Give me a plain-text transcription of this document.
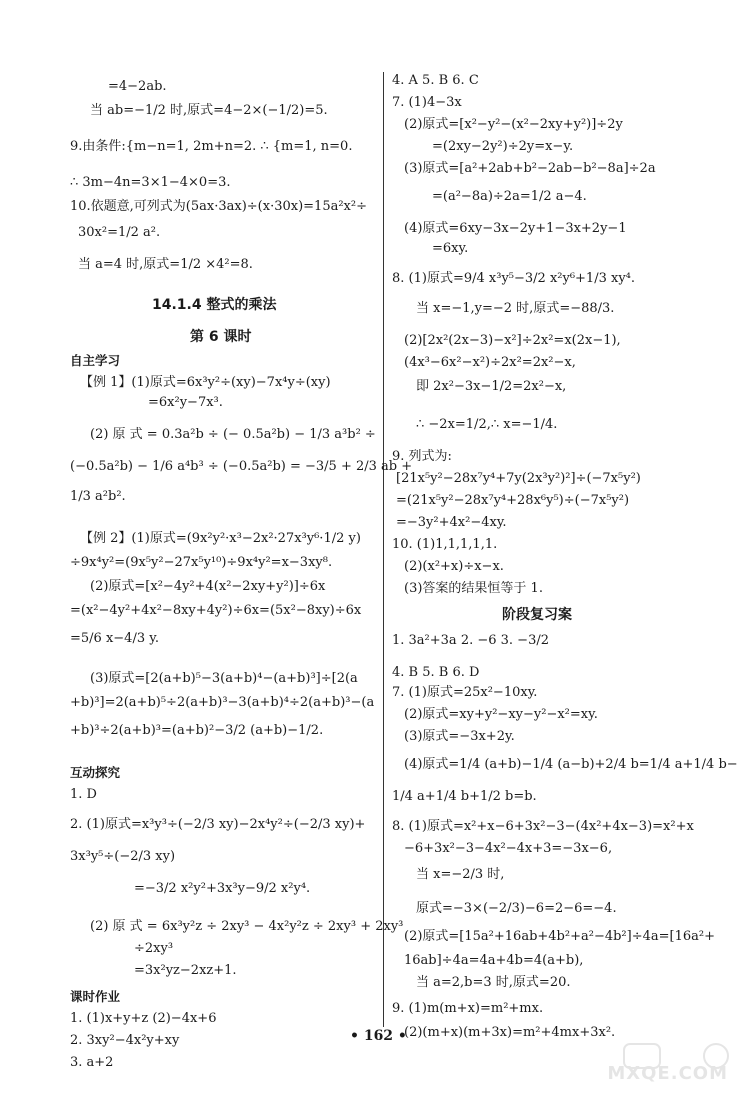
=4−2ab.
当 ab=−1/2 时,原式=4−2×(−1/2)=5.
9.由条件:{m−n=1, 2m+n=2. ∴ {m=1, n=0.
∴ 3m−4n=3×1−4×0=3.
10.依题意,可列式为(5ax·3ax)÷(x·30x)=15a²x²÷
30x²=1/2 a².
当 a=4 时,原式=1/2 ×4²=8.
14.1.4 整式的乘法
第 6 课时
自主学习
【例 1】(1)原式=6x³y²÷(xy)−7x⁴y÷(xy)
=6x²y−7x³.
(2) 原 式 = 0.3a²b ÷ (− 0.5a²b) − 1/3 a³b² ÷
(−0.5a²b) − 1/6 a⁴b³ ÷ (−0.5a²b) = −3/5 + 2/3 ab +
1/3 a²b².
【例 2】(1)原式=(9x²y²·x³−2x²·27x³y⁶·1/2 y)
÷9x⁴y²=(9x⁵y²−27x⁵y¹⁰)÷9x⁴y²=x−3xy⁸.
(2)原式=[x²−4y²+4(x²−2xy+y²)]÷6x
=(x²−4y²+4x²−8xy+4y²)÷6x=(5x²−8xy)÷6x
=5/6 x−4/3 y.
(3)原式=[2(a+b)⁵−3(a+b)⁴−(a+b)³]÷[2(a
+b)³]=2(a+b)⁵÷2(a+b)³−3(a+b)⁴÷2(a+b)³−(a
+b)³÷2(a+b)³=(a+b)²−3/2 (a+b)−1/2.
互动探究
1. D
2. (1)原式=x³y³÷(−2/3 xy)−2x⁴y²÷(−2/3 xy)+
3x³y⁵÷(−2/3 xy)
=−3/2 x²y²+3x³y−9/2 x²y⁴.
(2) 原 式 = 6x³y²z ÷ 2xy³ − 4x²y²z ÷ 2xy³ + 2xy³
÷2xy³
=3x²yz−2xz+1.
课时作业
1. (1)x+y+z (2)−4x+6
2. 3xy²−4x²y+xy
3. a+2
4. A 5. B 6. C
7. (1)4−3x
(2)原式=[x²−y²−(x²−2xy+y²)]÷2y
=(2xy−2y²)÷2y=x−y.
(3)原式=[a²+2ab+b²−2ab−b²−8a]÷2a
=(a²−8a)÷2a=1/2 a−4.
(4)原式=6xy−3x−2y+1−3x+2y−1
=6xy.
8. (1)原式=9/4 x³y⁵−3/2 x²y⁶+1/3 xy⁴.
当 x=−1,y=−2 时,原式=−88/3.
(2)[2x²(2x−3)−x²]÷2x²=x(2x−1),
(4x³−6x²−x²)÷2x²=2x²−x,
即 2x²−3x−1/2=2x²−x,
∴ −2x=1/2,∴ x=−1/4.
9. 列式为:
[21x⁵y²−28x⁷y⁴+7y(2x³y²)²]÷(−7x⁵y²)
=(21x⁵y²−28x⁷y⁴+28x⁶y⁵)÷(−7x⁵y²)
=−3y²+4x²−4xy.
10. (1)1,1,1,1,1.
(2)(x²+x)÷x−x.
(3)答案的结果恒等于 1.
阶段复习案
1. 3a²+3a 2. −6 3. −3/2
4. B 5. B 6. D
7. (1)原式=25x²−10xy.
(2)原式=xy+y²−xy−y²−x²=xy.
(3)原式=−3x+2y.
(4)原式=1/4 (a+b)−1/4 (a−b)+2/4 b=1/4 a+1/4 b−
1/4 a+1/4 b+1/2 b=b.
8. (1)原式=x²+x−6+3x²−3−(4x²+4x−3)=x²+x
−6+3x²−3−4x²−4x+3=−3x−6,
当 x=−2/3 时,
原式=−3×(−2/3)−6=2−6=−4.
(2)原式=[15a²+16ab+4b²+a²−4b²]÷4a=[16a²+
16ab]÷4a=4a+4b=4(a+b),
当 a=2,b=3 时,原式=20.
9. (1)m(m+x)=m²+mx.
(2)(m+x)(m+3x)=m²+4mx+3x².
• 162 •
MXQE.COM
